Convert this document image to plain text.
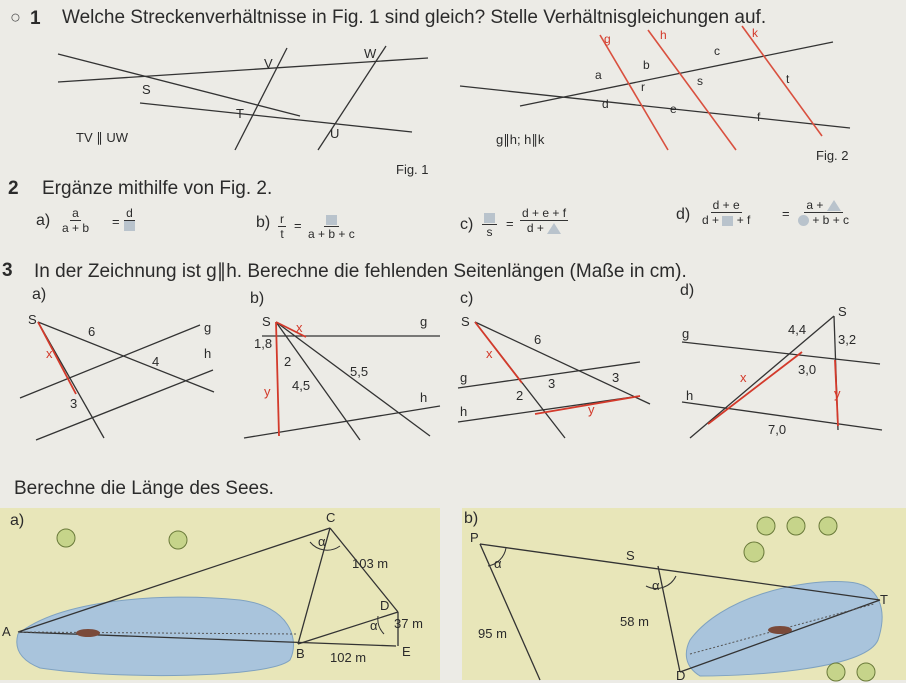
○ 1 Welche Streckenverhältnisse in Fig. 1 sind gleich? Stelle Verhältnisgleichungen auf.
S
V
W
T
U
TV ∥ UW
Fig. 1
g	h	k
a
b
c
d	e
f
r	s	t
g∥h; h∥k
Fig. 2
2 Ergänze mithilfe von Fig. 2.
$a) \frac{a}{a + b}$ =
d
$b) \frac{r}{t}$ =
a + b + c
c) s
= $\frac{d + e + f}{d +}$	$d) \frac{d + e}{d + + f} = \frac{a +}{+ b + c}$
3 In der Zeichnung ist g∥h. Berechne die fehlenden Seitenlängen (Maße in cm).
a)	b)	c)	d)
S
g
h
x
6
4
3
S	g
h
x
y
1,8
2
4,5
5,5
S
g
h
x
y
6
2
3	3
S
g
h
x
y
4,4
3,2
3,0
7,0
Berechne die Länge des Sees.
a)
A
B
C
D
E
α
α
103 m
37 m
102 m
b)
P
S
T
D
α
α
95 m
58 m
